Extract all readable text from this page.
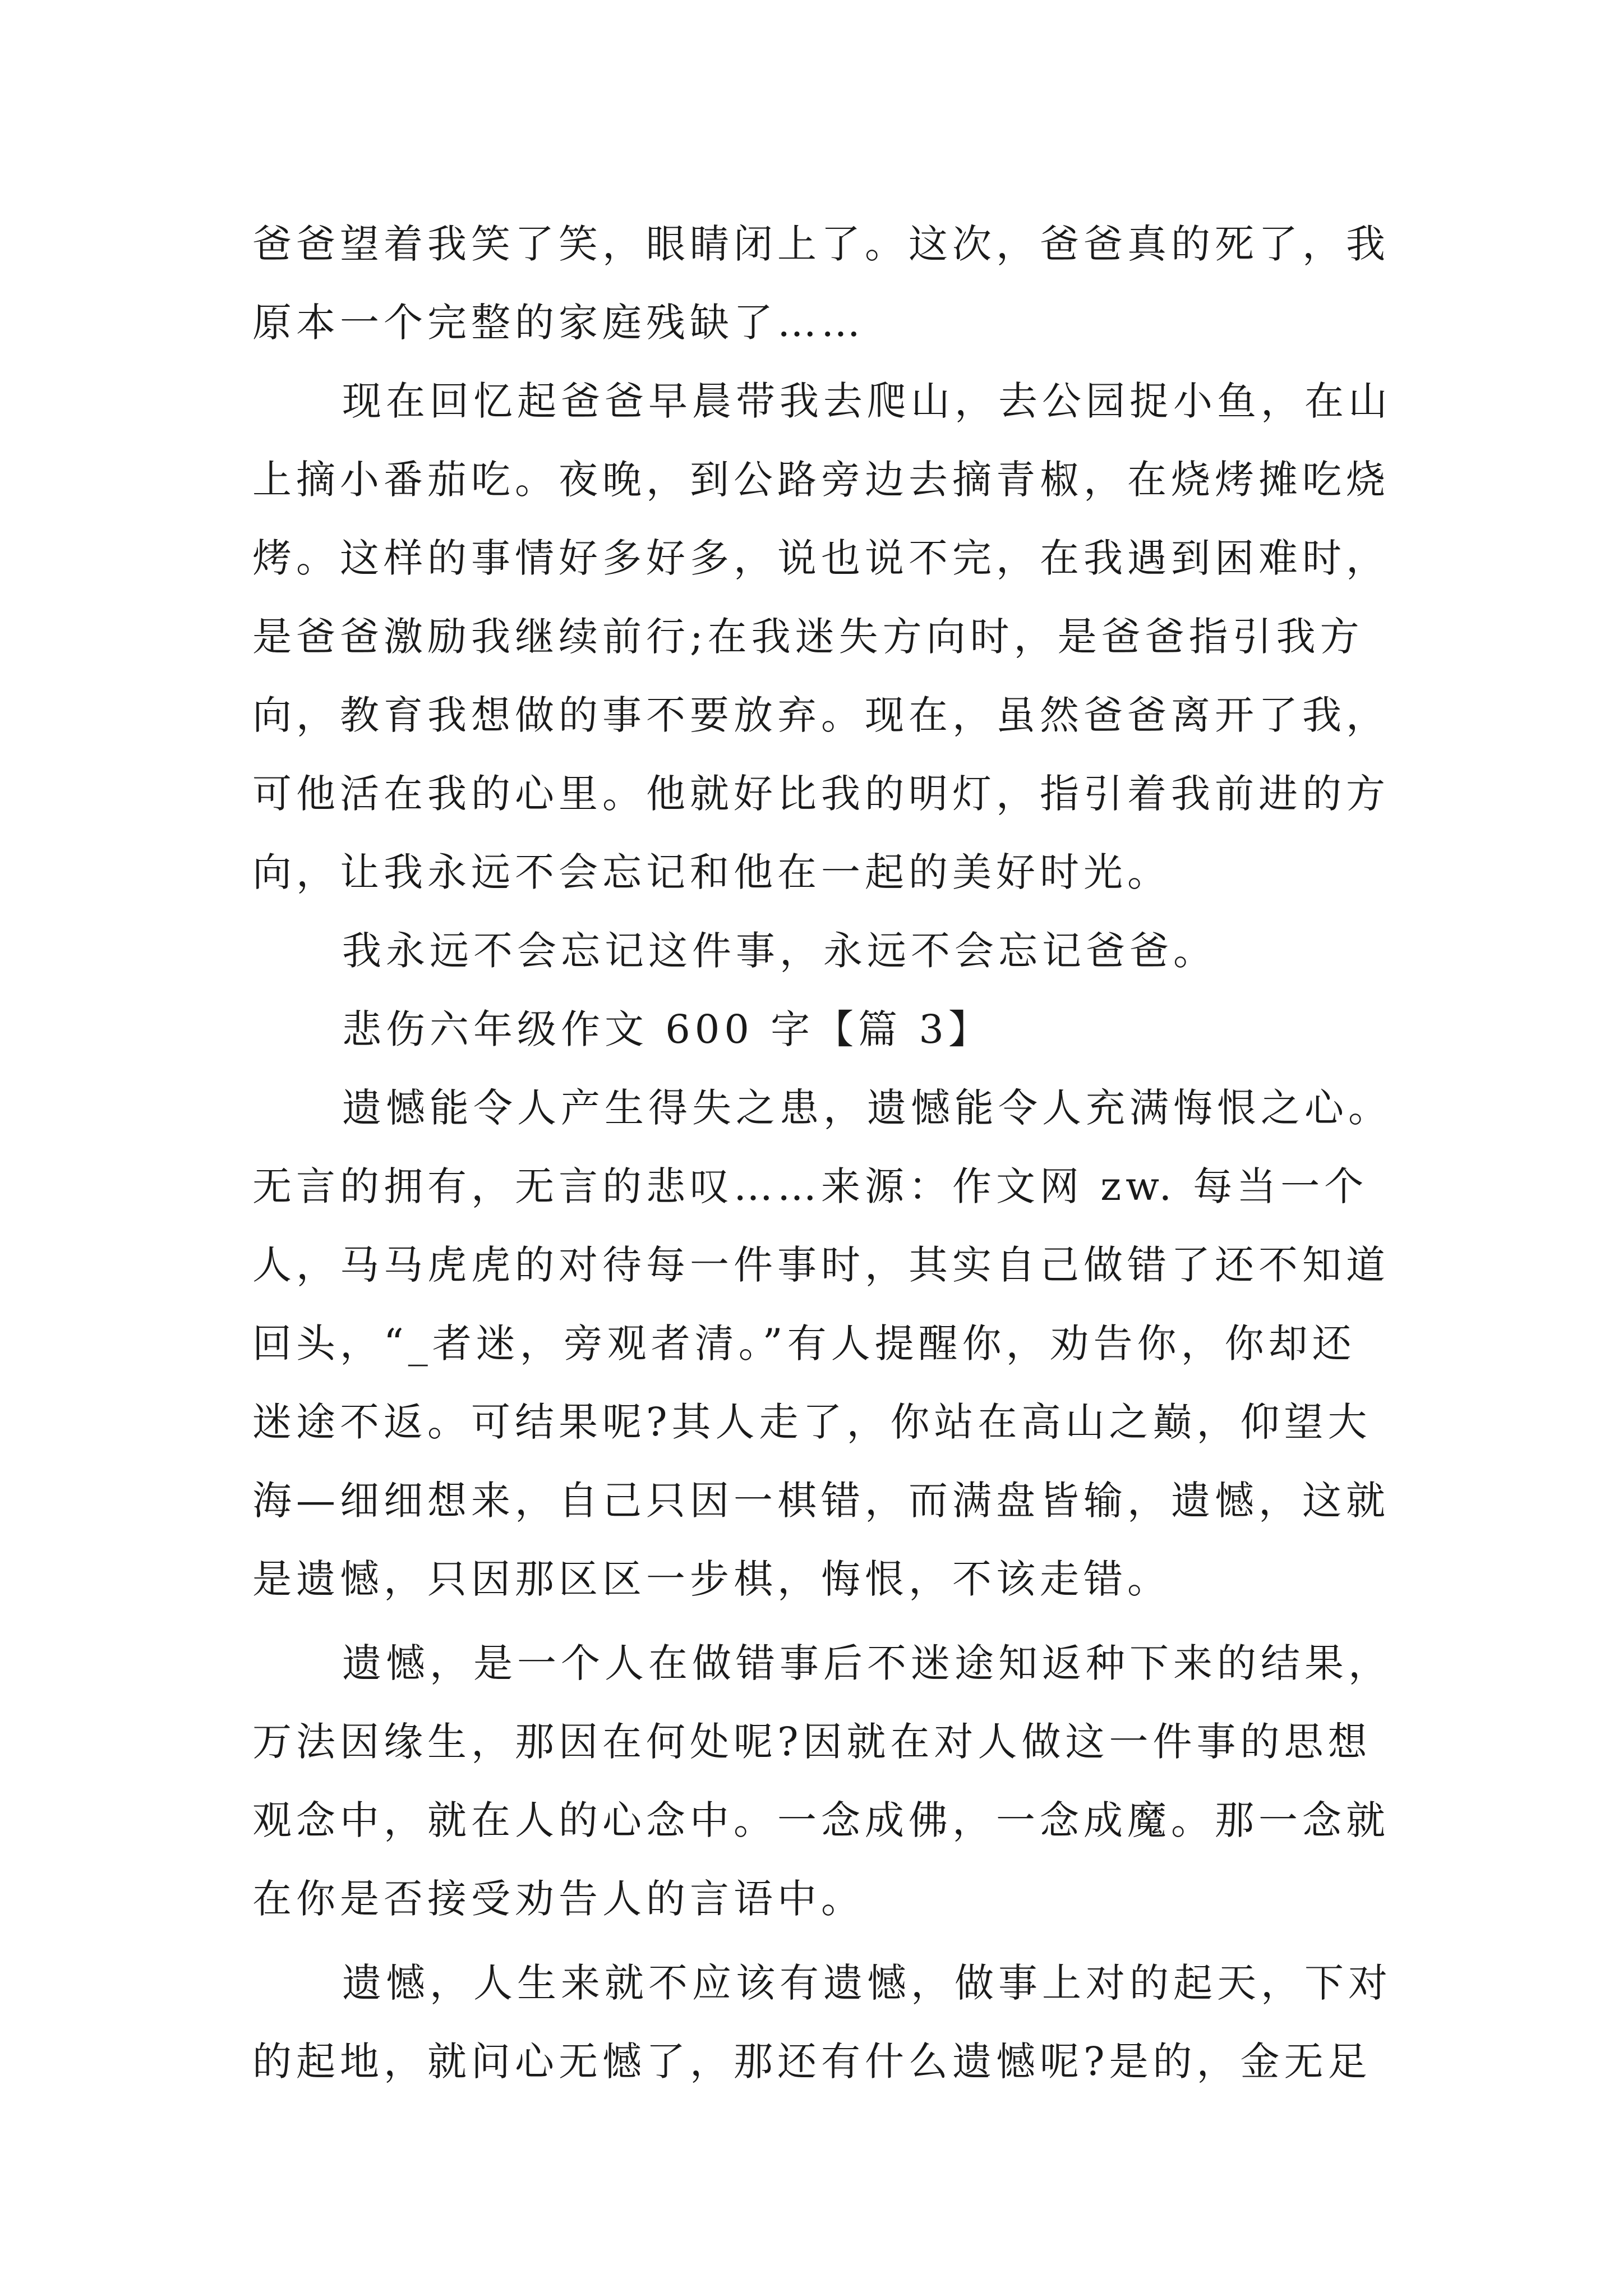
爸爸望着我笑了笑，眼睛闭上了。这次，爸爸真的死了，我
原本一个完整的家庭残缺了……
现在回忆起爸爸早晨带我去爬山，去公园捉小鱼，在山
上摘小番茄吃。夜晚，到公路旁边去摘青椒，在烧烤摊吃烧
烤。这样的事情好多好多，说也说不完，在我遇到困难时，
是爸爸激励我继续前行;在我迷失方向时，是爸爸指引我方
向，教育我想做的事不要放弃。现在，虽然爸爸离开了我，
可他活在我的心里。他就好比我的明灯，指引着我前进的方
向，让我永远不会忘记和他在一起的美好时光。
我永远不会忘记这件事，永远不会忘记爸爸。
悲伤六年级作文 600 字【篇 3】
遗憾能令人产生得失之患，遗憾能令人充满悔恨之心。
无言的拥有，无言的悲叹……来源：作文网 zw. 每当一个
人，马马虎虎的对待每一件事时，其实自己做错了还不知道
回头，“_者迷，旁观者清。”有人提醒你，劝告你，你却还
迷途不返。可结果呢?其人走了，你站在高山之巅，仰望大
海—细细想来，自己只因一棋错，而满盘皆输，遗憾，这就
是遗憾，只因那区区一步棋，悔恨，不该走错。
遗憾，是一个人在做错事后不迷途知返种下来的结果，
万法因缘生，那因在何处呢?因就在对人做这一件事的思想
观念中，就在人的心念中。一念成佛，一念成魔。那一念就
在你是否接受劝告人的言语中。
遗憾，人生来就不应该有遗憾，做事上对的起天，下对
的起地，就问心无憾了，那还有什么遗憾呢?是的，金无足
